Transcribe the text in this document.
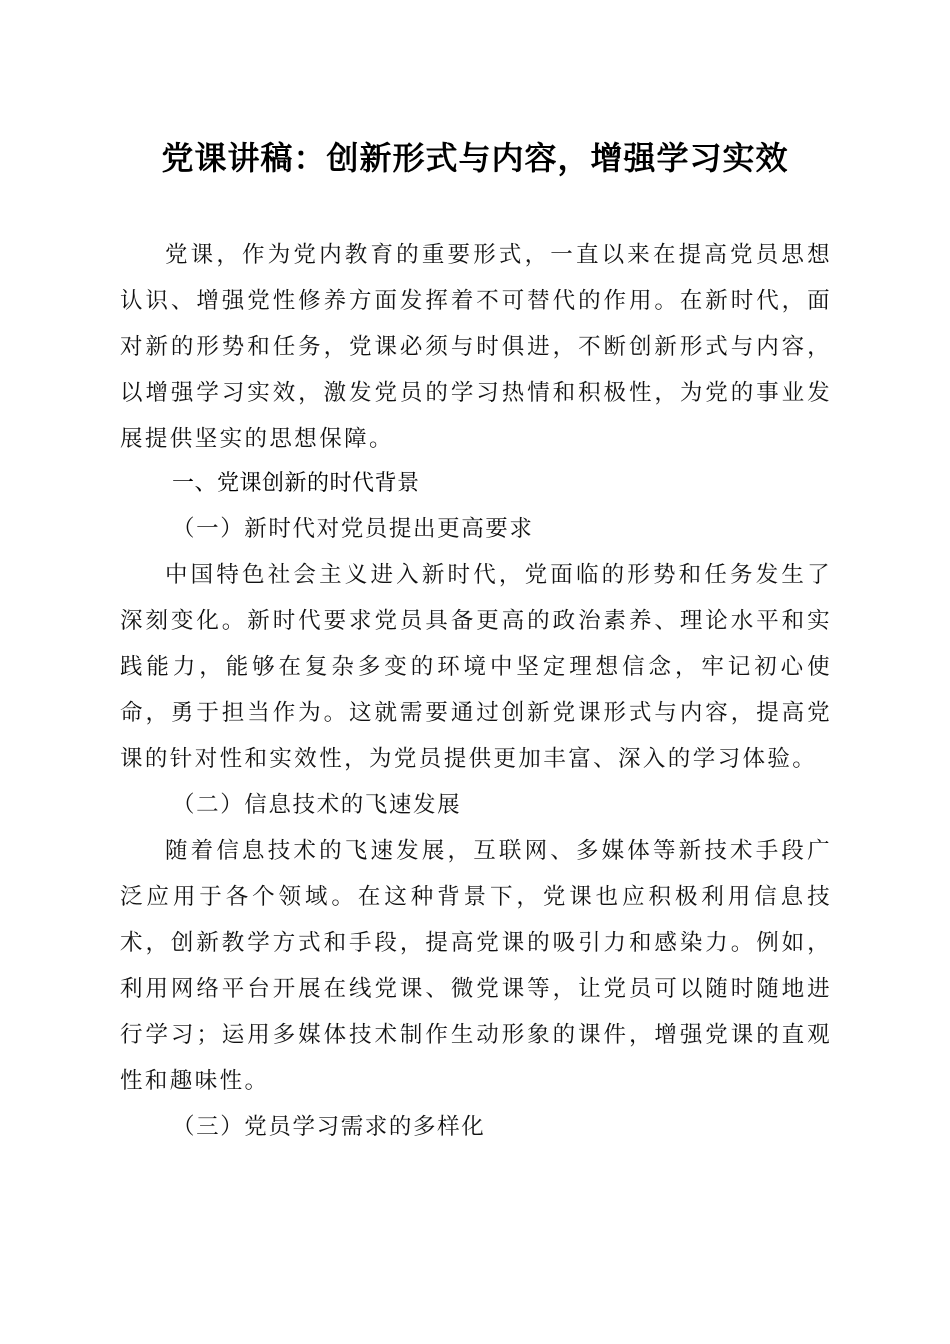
党课讲稿：创新形式与内容，增强学习实效

党课，作为党内教育的重要形式，一直以来在提高党员思想认识、增强党性修养方面发挥着不可替代的作用。在新时代，面对新的形势和任务，党课必须与时俱进，不断创新形式与内容，以增强学习实效，激发党员的学习热情和积极性，为党的事业发展提供坚实的思想保障。

一、党课创新的时代背景

（一）新时代对党员提出更高要求

中国特色社会主义进入新时代，党面临的形势和任务发生了深刻变化。新时代要求党员具备更高的政治素养、理论水平和实践能力，能够在复杂多变的环境中坚定理想信念，牢记初心使命，勇于担当作为。这就需要通过创新党课形式与内容，提高党课的针对性和实效性，为党员提供更加丰富、深入的学习体验。

（二）信息技术的飞速发展

随着信息技术的飞速发展，互联网、多媒体等新技术手段广泛应用于各个领域。在这种背景下，党课也应积极利用信息技术，创新教学方式和手段，提高党课的吸引力和感染力。例如，利用网络平台开展在线党课、微党课等，让党员可以随时随地进行学习；运用多媒体技术制作生动形象的课件，增强党课的直观性和趣味性。

（三）党员学习需求的多样化
